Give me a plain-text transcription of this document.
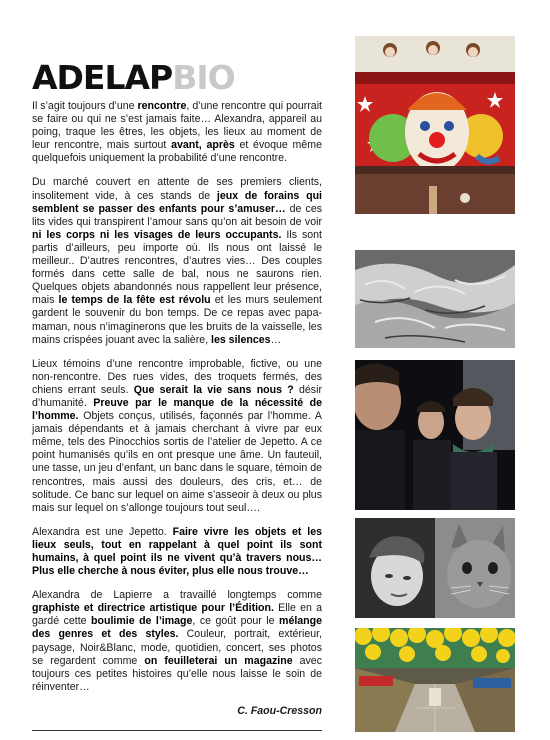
ADELAPBIO

Il s’agit toujours d’une rencontre, d’une rencontre qui pourrait se faire ou qui ne s’est jamais faite… Alexandra, appareil au poing, traque les êtres, les objets, les lieux au moment de leur rencontre, mais surtout avant, après et évoque même quelquefois uniquement la probabilité d’une rencontre.

Du marché couvert en attente de ses premiers clients, insolitement vide, à ces stands de jeux de forains qui semblent se passer des enfants pour s’amuser… de ces lits vides qui transpirent l’amour sans qu’on ait besoin de voir ni les corps ni les visages de leurs occupants. Ils sont partis d’ailleurs, peu importe où. Ils nous ont laissé le meilleur.. D’autres rencontres, d’autres vies… Des couples formés dans cette salle de bal, nous ne saurons rien. Quelques objets abandonnés nous rappellent leur présence, mais le temps de la fête est révolu et les murs seulement gardent le souvenir du bon temps. De ce repas avec papa-maman, nous n’imaginerons que les bruits de la vaisselle, les mains crispées jouant avec la salière, les silences…

Lieux témoins d’une rencontre improbable, fictive, ou une non-rencontre. Des rues vides, des troquets fermés, des chiens errant seuls. Que serait la vie sans nous ? désir d’humanité. Preuve par le manque de la nécessité de l’homme. Objets conçus, utilisés, façonnés par l’homme. A jamais dépendants et à jamais cherchant à vivre par eux même, tels des Pinocchios sortis de l’atelier de Jepetto. A ce point humanisés qu’ils en ont presque une âme. Un fauteuil, une tasse, un jeu d’enfant, un banc dans le square, témoin de rencontres, mais aussi des douleurs, des cris, et… de solitude. Ce banc sur lequel on aime s’asseoir à deux ou plus mais sur lequel on s’allonge toujours tout seul….

Alexandra est une Jepetto. Faire vivre les objets et les lieux seuls, tout en rappelant à quel point ils sont humains, à quel point ils ne vivent qu’à travers nous… Plus elle cherche à nous éviter, plus elle nous trouve…

Alexandra de Lapierre a travaillé longtemps comme graphiste et directrice artistique pour l’Édition. Elle en a gardé cette boulimie de l’image, ce goût pour le mélange des genres et des styles. Couleur, portrait, extérieur, paysage, Noir&Blanc, mode, quotidien, concert, ses photos se regardent comme on feuilleterai un magazine avec toujours ces petites histoires qu’elle nous laisse le soin de réinventer…

C. Faou-Cresson
